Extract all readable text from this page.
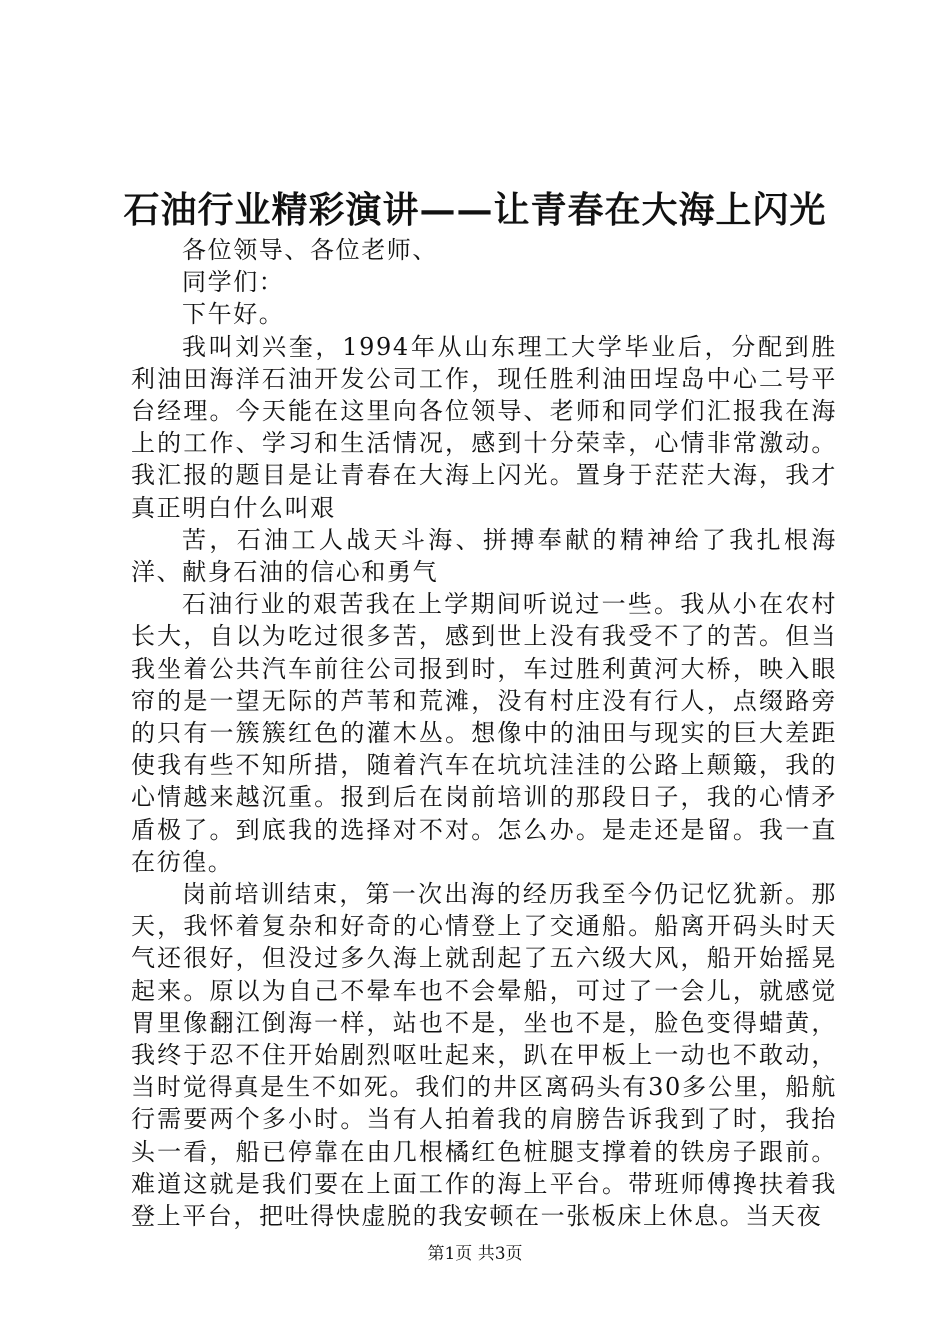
石油行业精彩演讲——让青春在大海上闪光

各位领导、各位老师、

同学们：

下午好。

我叫刘兴奎，1994年从山东理工大学毕业后，分配到胜利油田海洋石油开发公司工作，现任胜利油田埕岛中心二号平台经理。今天能在这里向各位领导、老师和同学们汇报我在海上的工作、学习和生活情况，感到十分荣幸，心情非常激动。我汇报的题目是让青春在大海上闪光。置身于茫茫大海，我才真正明白什么叫艰

苦，石油工人战天斗海、拼搏奉献的精神给了我扎根海洋、献身石油的信心和勇气

石油行业的艰苦我在上学期间听说过一些。我从小在农村长大，自以为吃过很多苦，感到世上没有我受不了的苦。但当我坐着公共汽车前往公司报到时，车过胜利黄河大桥，映入眼帘的是一望无际的芦苇和荒滩，没有村庄没有行人，点缀路旁的只有一簇簇红色的灌木丛。想像中的油田与现实的巨大差距使我有些不知所措，随着汽车在坑坑洼洼的公路上颠簸，我的心情越来越沉重。报到后在岗前培训的那段日子，我的心情矛盾极了。到底我的选择对不对。怎么办。是走还是留。我一直在彷徨。

岗前培训结束，第一次出海的经历我至今仍记忆犹新。那天，我怀着复杂和好奇的心情登上了交通船。船离开码头时天气还很好，但没过多久海上就刮起了五六级大风，船开始摇晃起来。原以为自己不晕车也不会晕船，可过了一会儿，就感觉胃里像翻江倒海一样，站也不是，坐也不是，脸色变得蜡黄，我终于忍不住开始剧烈呕吐起来，趴在甲板上一动也不敢动，当时觉得真是生不如死。我们的井区离码头有30多公里，船航行需要两个多小时。当有人拍着我的肩膀告诉我到了时，我抬头一看，船已停靠在由几根橘红色桩腿支撑着的铁房子跟前。难道这就是我们要在上面工作的海上平台。带班师傅搀扶着我登上平台，把吐得快虚脱的我安顿在一张板床上休息。当天夜

第1页 共3页
